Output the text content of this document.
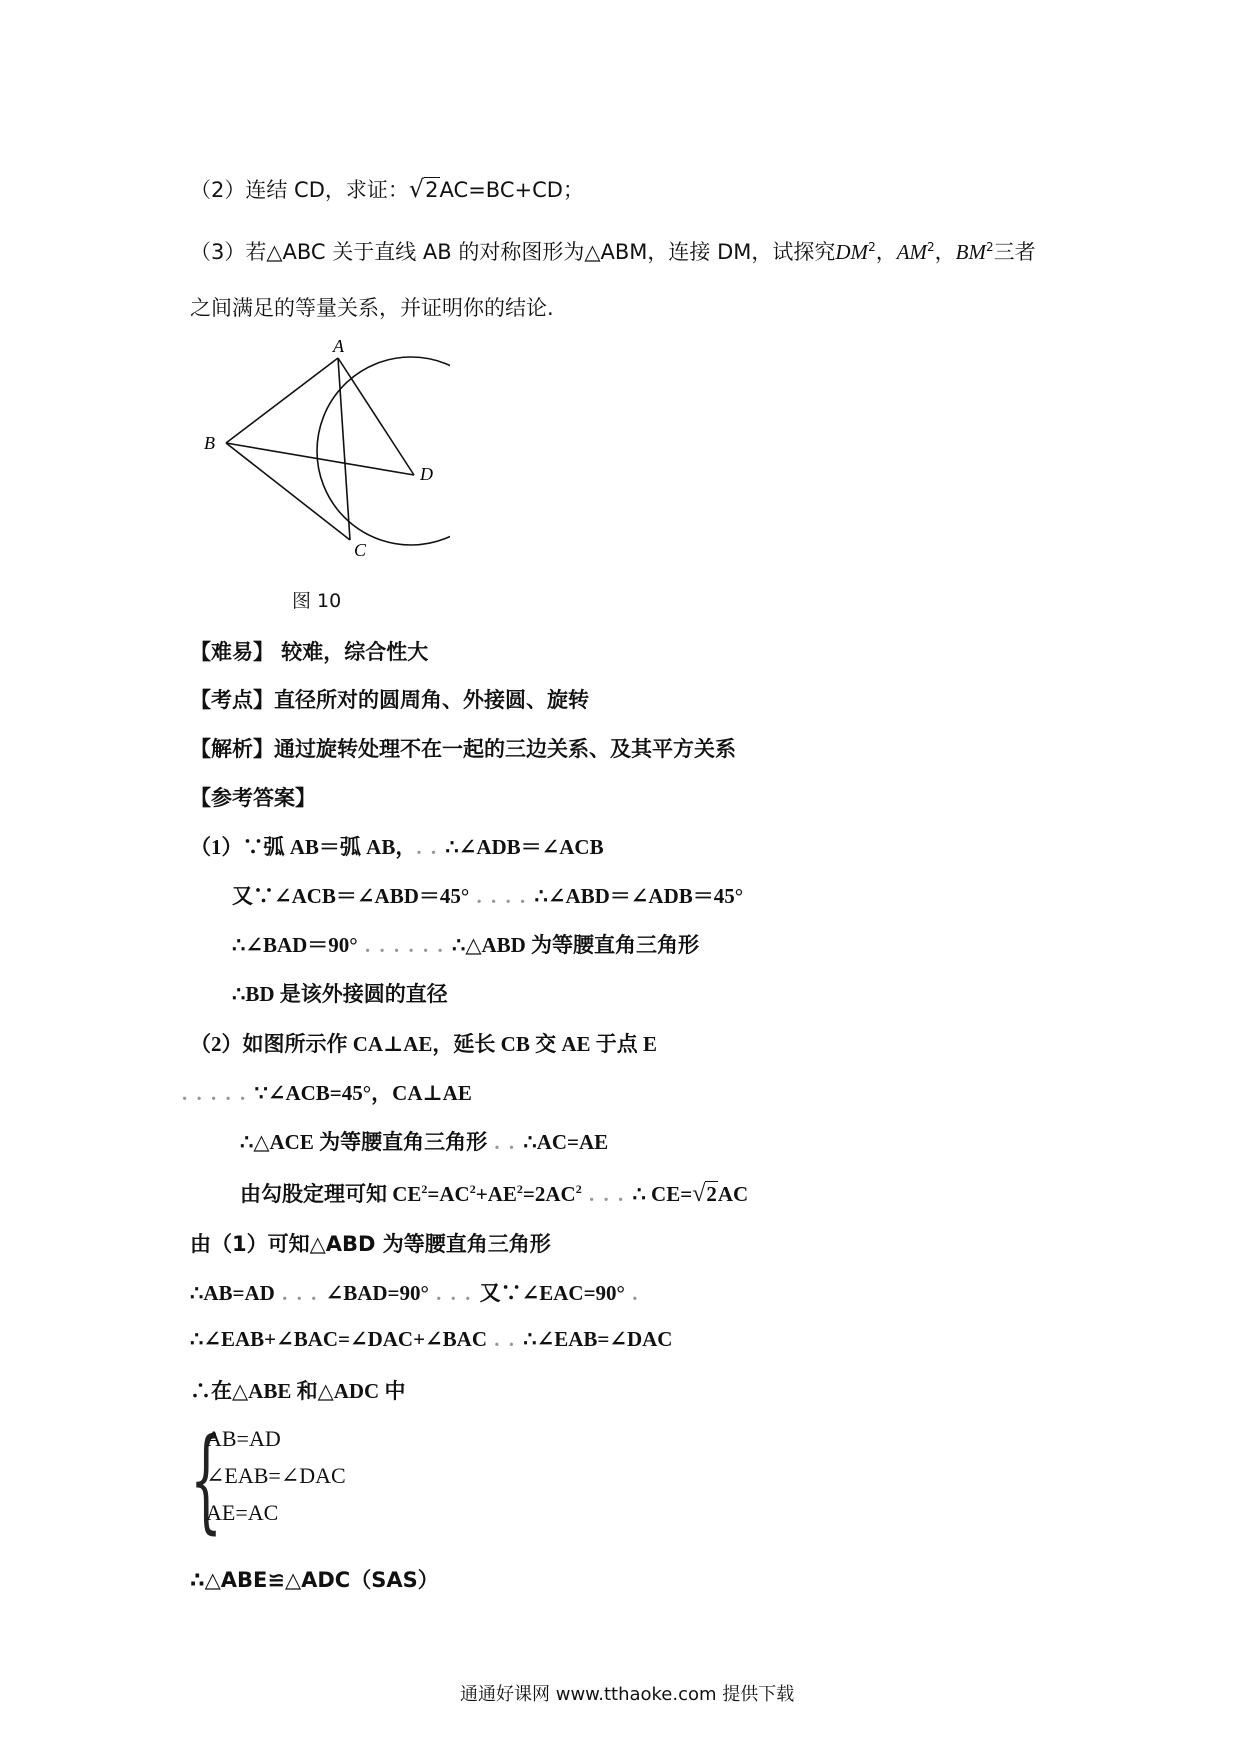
（2）连结 CD，求证：√2AC=BC+CD；
（3）若△ABC 关于直线 AB 的对称图形为△ABM，连接 DM，试探究$DM^2$，$AM^2$，$BM^2$三者
之间满足的等量关系，并证明你的结论.
A
B
C
D
图 10
【难易】 较难，综合性大
【考点】直径所对的圆周角、外接圆、旋转
【解析】通过旋转处理不在一起的三边关系、及其平方关系
【参考答案】
（1）∵弧 AB＝弧 AB，. . ∴∠ADB＝∠ACB
又∵∠ACB＝∠ABD＝45° . . . . ∴∠ABD＝∠ADB＝45°
∴∠BAD＝90° . . . . . . ∴△ABD 为等腰直角三角形
∴BD 是该外接圆的直径
（2）如图所示作 CA⊥AE，延长 CB 交 AE 于点 E
. . . . . ∵∠ACB=45°，CA⊥AE
∴△ACE 为等腰直角三角形 . . ∴AC=AE
由勾股定理可知 $CE^2=AC^2+AE^2=2AC^2$ . . . ∴ CE=√2AC
由（1）可知△ABD 为等腰直角三角形
∴AB=AD . . . ∠BAD=90° . . . 又∵∠EAC=90° .
∴∠EAB+∠BAC=∠DAC+∠BAC . . ∴∠EAB=∠DAC
∴在△ABE 和△ADC 中
{
AB=AD
∠EAB=∠DAC
AE=AC
∴△ABE≌△ADC（SAS）
通通好课网 www.tthaoke.com 提供下载
